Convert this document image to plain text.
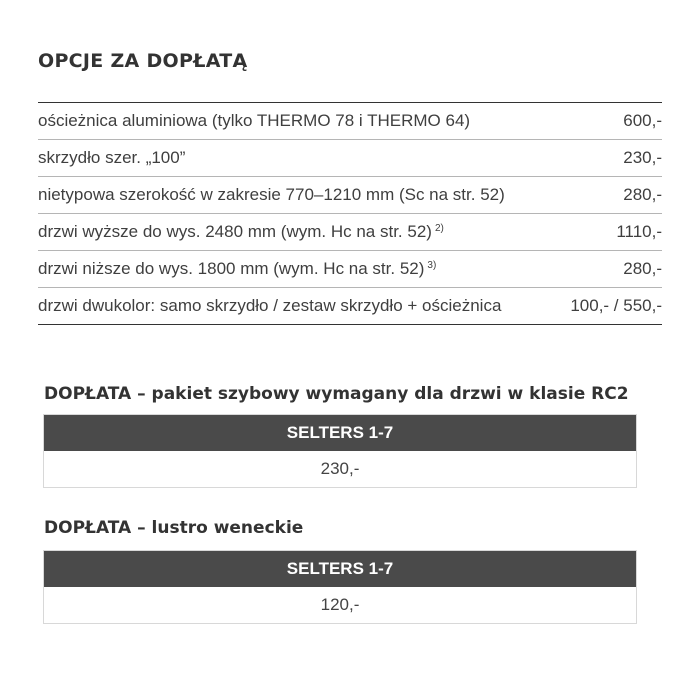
OPCJE ZA DOPŁATĄ
ościeżnica aluminiowa (tylko THERMO 78 i THERMO 64)	600,-
skrzydło szer. „100”	230,-
nietypowa szerokość w zakresie 770–1210 mm (Sc na str. 52)	280,-
drzwi wyższe do wys. 2480 mm (wym. Hc na str. 52) $^{2)}$	1110,-
drzwi niższe do wys. 1800 mm (wym. Hc na str. 52) $^{3)}$	280,-
drzwi dwukolor: samo skrzydło / zestaw skrzydło + ościeżnica	100,- / 550,-
DOPŁATA – pakiet szybowy wymagany dla drzwi w klasie RC2
SELTERS 1-7
230,-
DOPŁATA – lustro weneckie
SELTERS 1-7
120,-
